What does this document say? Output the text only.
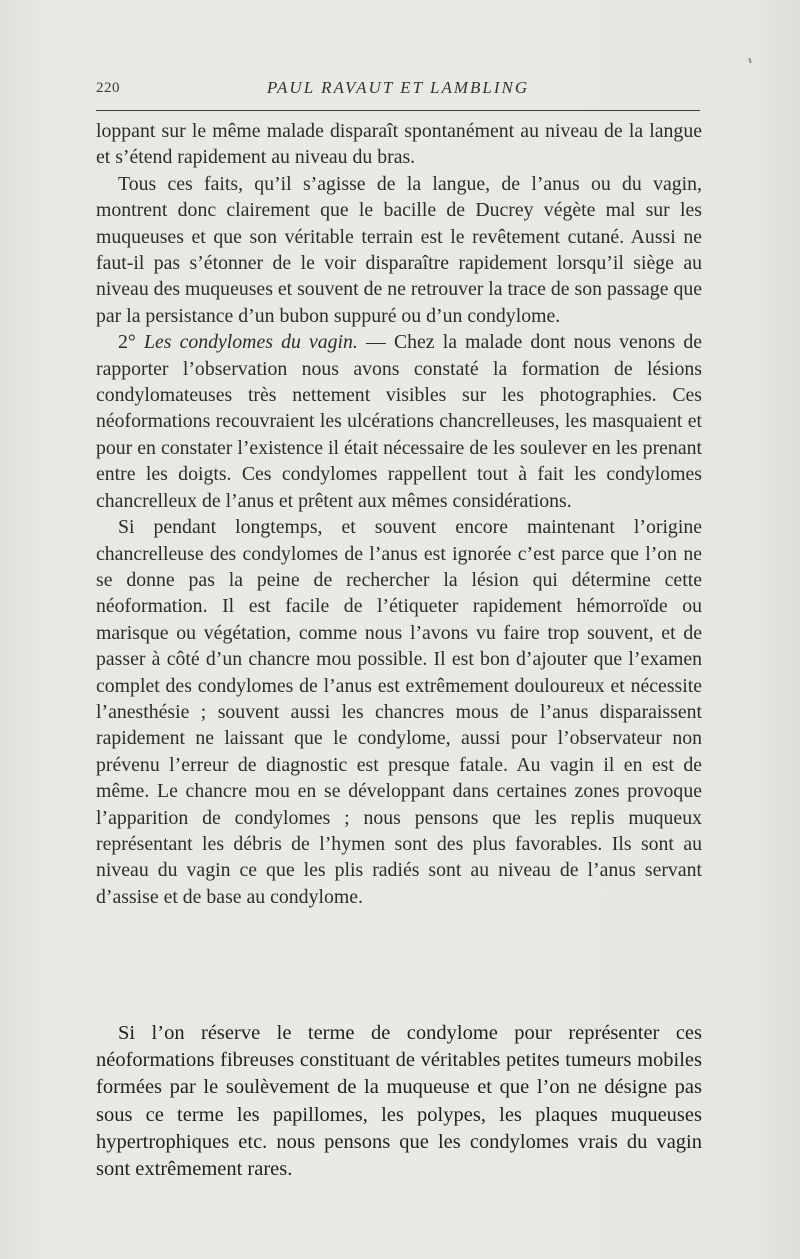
220	PAUL RAVAUT ET LAMBLING

loppant sur le même malade disparaît spontanément au niveau de la langue et s’étend rapidement au niveau du bras.

Tous ces faits, qu’il s’agisse de la langue, de l’anus ou du vagin, montrent donc clairement que le bacille de Ducrey végète mal sur les muqueuses et que son véritable terrain est le revêtement cutané. Aussi ne faut-il pas s’étonner de le voir disparaître rapidement lorsqu’il siège au niveau des muqueuses et souvent de ne retrouver la trace de son passage que par la persistance d’un bubon suppuré ou d’un condylome.

2° Les condylomes du vagin. — Chez la malade dont nous venons de rapporter l’observation nous avons constaté la formation de lésions condylomateuses très nettement visibles sur les photographies. Ces néoformations recouvraient les ulcérations chancrelleuses, les masquaient et pour en constater l’existence il était nécessaire de les soulever en les prenant entre les doigts. Ces condylomes rappellent tout à fait les condylomes chancrelleux de l’anus et prêtent aux mêmes considérations.

Si pendant longtemps, et souvent encore maintenant l’origine chancrelleuse des condylomes de l’anus est ignorée c’est parce que l’on ne se donne pas la peine de rechercher la lésion qui détermine cette néoformation. Il est facile de l’étiqueter rapidement hémorroïde ou marisque ou végétation, comme nous l’avons vu faire trop souvent, et de passer à côté d’un chancre mou possible. Il est bon d’ajouter que l’examen complet des condylomes de l’anus est extrêmement douloureux et nécessite l’anesthésie ; souvent aussi les chancres mous de l’anus disparaissent rapidement ne laissant que le condylome, aussi pour l’observateur non prévenu l’erreur de diagnostic est presque fatale. Au vagin il en est de même. Le chancre mou en se développant dans certaines zones provoque l’apparition de condylomes ; nous pensons que les replis muqueux représentant les débris de l’hymen sont des plus favorables. Ils sont au niveau du vagin ce que les plis radiés sont au niveau de l’anus servant d’assise et de base au condylome.

Si l’on réserve le terme de condylome pour représenter ces néoformations fibreuses constituant de véritables petites tumeurs mobiles formées par le soulèvement de la muqueuse et que l’on ne désigne pas sous ce terme les papillomes, les polypes, les plaques muqueuses hypertrophiques etc. nous pensons que les condylomes vrais du vagin sont extrêmement rares.
